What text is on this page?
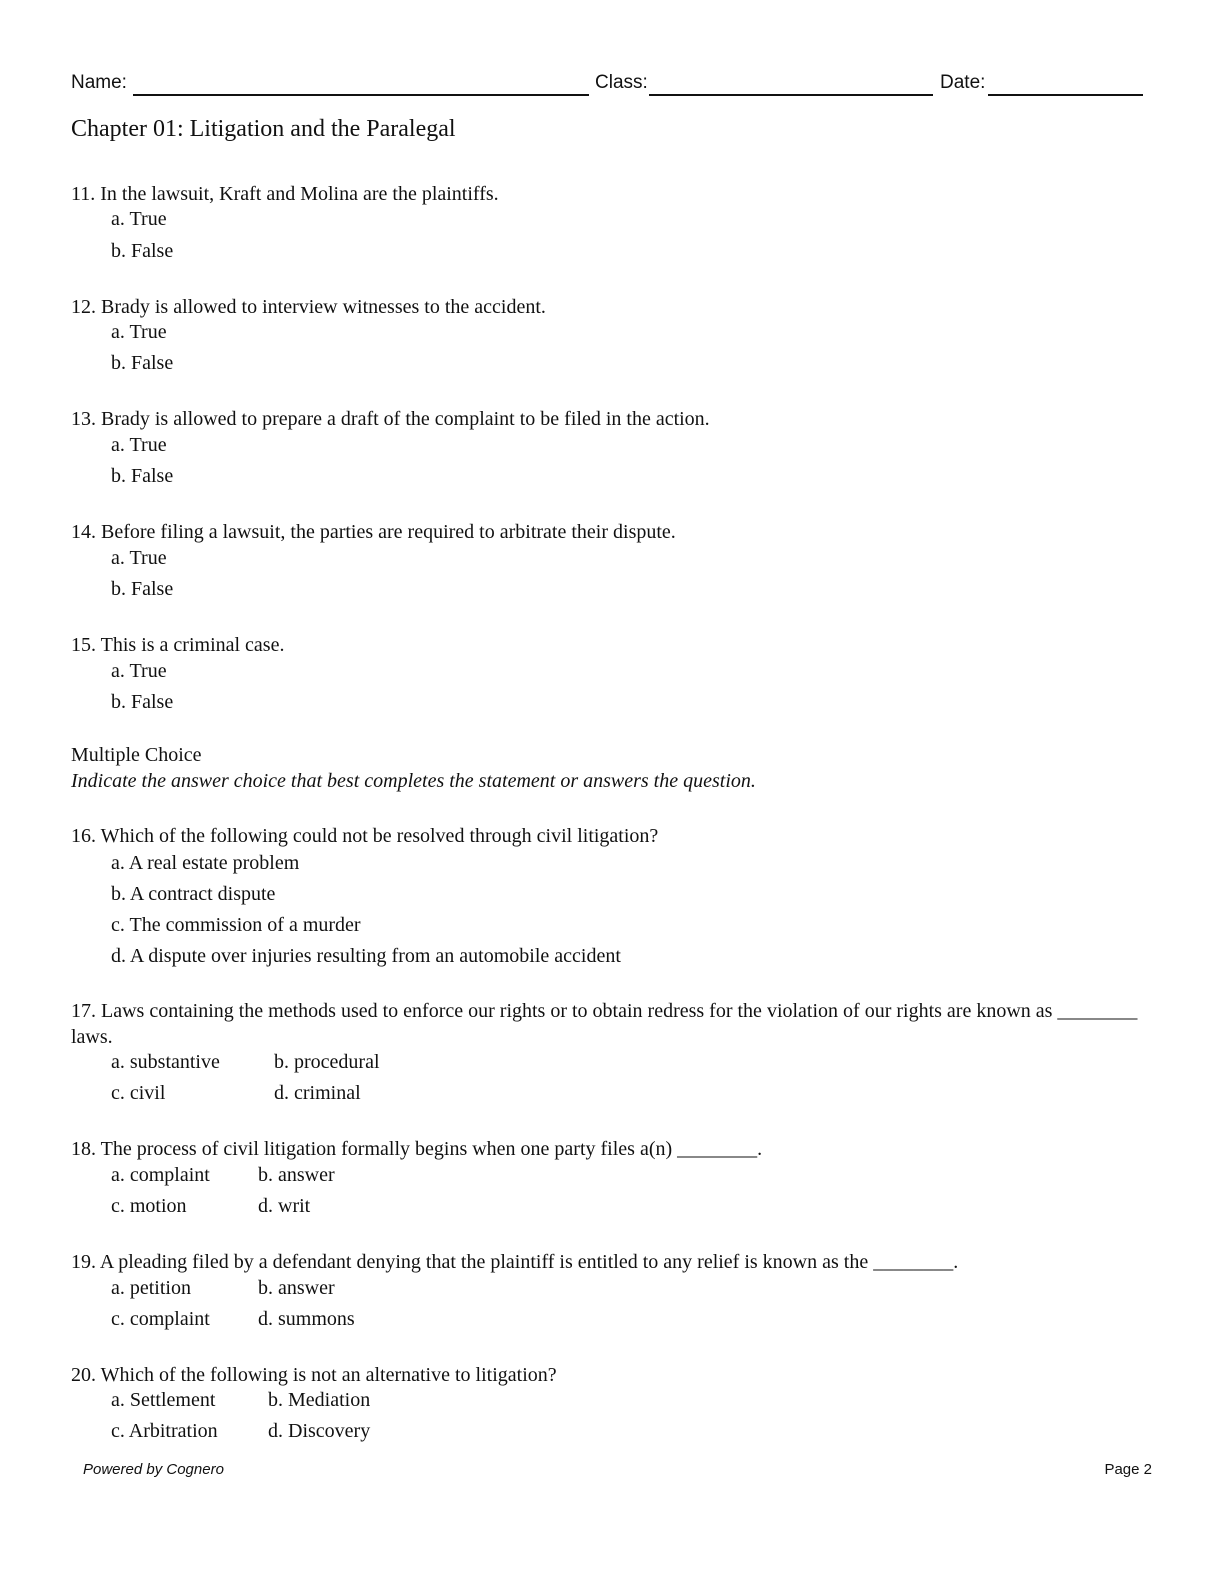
Name:	Class:	Date:
Chapter 01: Litigation and the Paralegal
11. In the lawsuit, Kraft and Molina are the plaintiffs.
a. True
b. False
12. Brady is allowed to interview witnesses to the accident.
a. True
b. False
13. Brady is allowed to prepare a draft of the complaint to be filed in the action.
a. True
b. False
14. Before filing a lawsuit, the parties are required to arbitrate their dispute.
a. True
b. False
15. This is a criminal case.
a. True
b. False
Multiple Choice
Indicate the answer choice that best completes the statement or answers the question.
16. Which of the following could not be resolved through civil litigation?
a. A real estate problem
b. A contract dispute
c. The commission of a murder
d. A dispute over injuries resulting from an automobile accident
17. Laws containing the methods used to enforce our rights or to obtain redress for the violation of our rights are known as ________ laws.
a. substantive	b. procedural
c. civil	d. criminal
18. The process of civil litigation formally begins when one party files a(n) ________.
a. complaint b. answer
c. motion	d. writ
19. A pleading filed by a defendant denying that the plaintiff is entitled to any relief is known as the ________.
a. petition	b. answer
c. complaint d. summons
20. Which of the following is not an alternative to litigation?
a. Settlement	b. Mediation
c. Arbitration	d. Discovery
Powered by Cognero	Page 2
